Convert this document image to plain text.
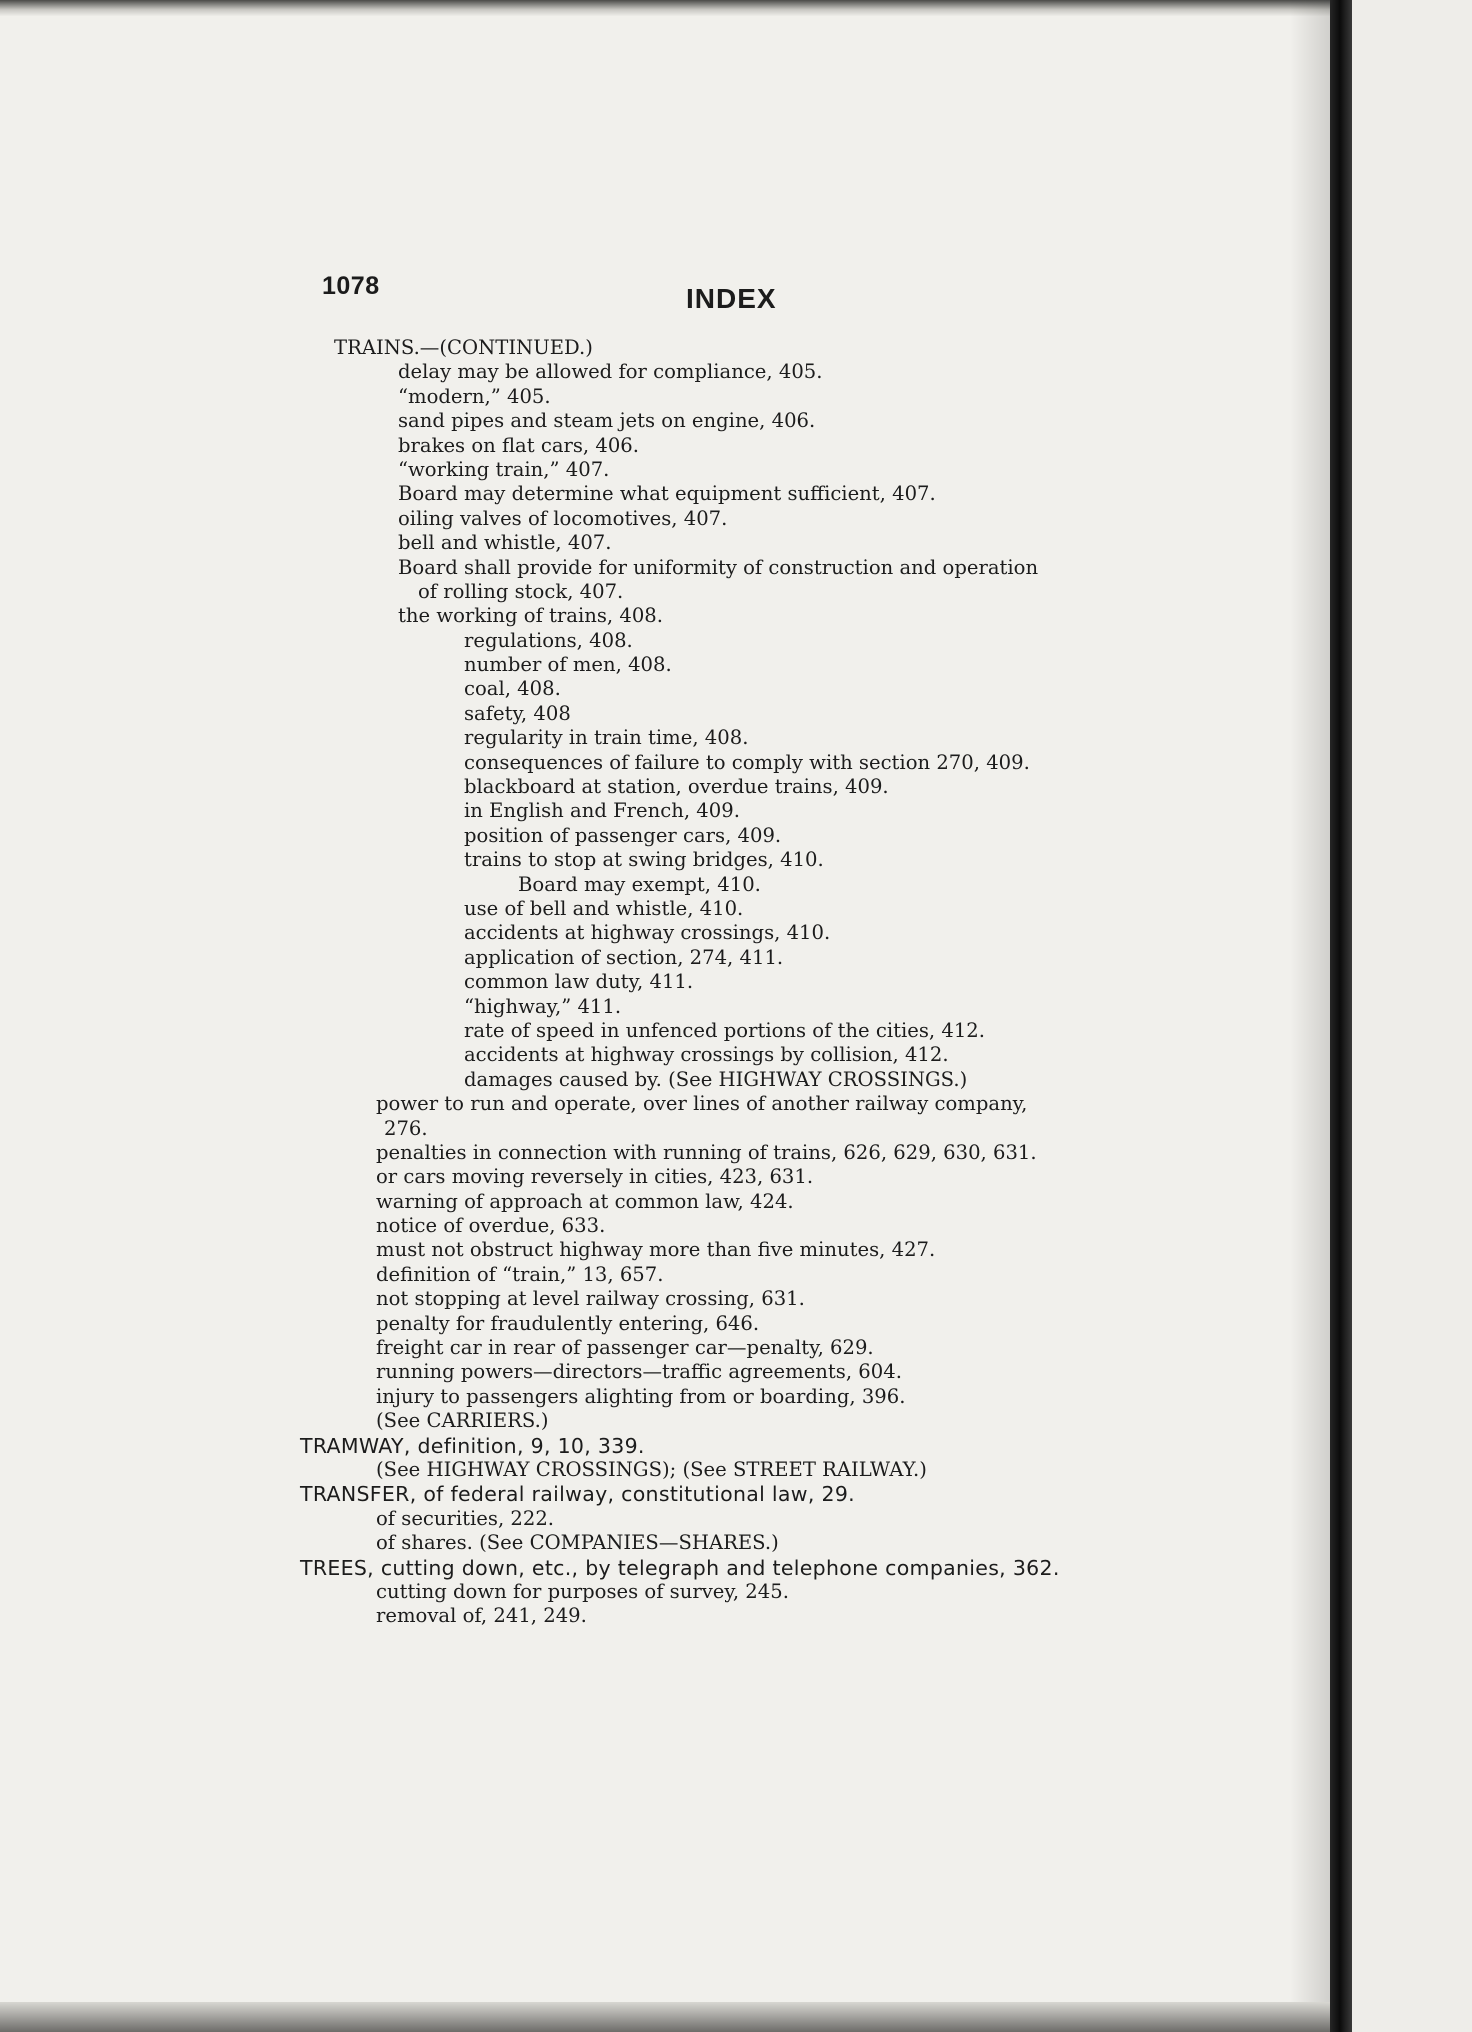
1078	INDEX
TRAINS.—(CONTINUED.)
delay may be allowed for compliance, 405.
“modern,” 405.
sand pipes and steam jets on engine, 406.
brakes on flat cars, 406.
“working train,” 407.
Board may determine what equipment sufficient, 407.
oiling valves of locomotives, 407.
bell and whistle, 407.
Board shall provide for uniformity of construction and operation
of rolling stock, 407.
the working of trains, 408.
regulations, 408.
number of men, 408.
coal, 408.
safety, 408
regularity in train time, 408.
consequences of failure to comply with section 270, 409.
blackboard at station, overdue trains, 409.
in English and French, 409.
position of passenger cars, 409.
trains to stop at swing bridges, 410.
Board may exempt, 410.
use of bell and whistle, 410.
accidents at highway crossings, 410.
application of section, 274, 411.
common law duty, 411.
“highway,” 411.
rate of speed in unfenced portions of the cities, 412.
accidents at highway crossings by collision, 412.
damages caused by. (See HIGHWAY CROSSINGS.)
power to run and operate, over lines of another railway company,
276.
penalties in connection with running of trains, 626, 629, 630, 631.
or cars moving reversely in cities, 423, 631.
warning of approach at common law, 424.
notice of overdue, 633.
must not obstruct highway more than five minutes, 427.
definition of “train,” 13, 657.
not stopping at level railway crossing, 631.
penalty for fraudulently entering, 646.
freight car in rear of passenger car—penalty, 629.
running powers—directors—traffic agreements, 604.
injury to passengers alighting from or boarding, 396.
(See CARRIERS.)
TRAMWAY, definition, 9, 10, 339.
(See HIGHWAY CROSSINGS); (See STREET RAILWAY.)
TRANSFER, of federal railway, constitutional law, 29.
of securities, 222.
of shares. (See COMPANIES—SHARES.)
TREES, cutting down, etc., by telegraph and telephone companies, 362.
cutting down for purposes of survey, 245.
removal of, 241, 249.
